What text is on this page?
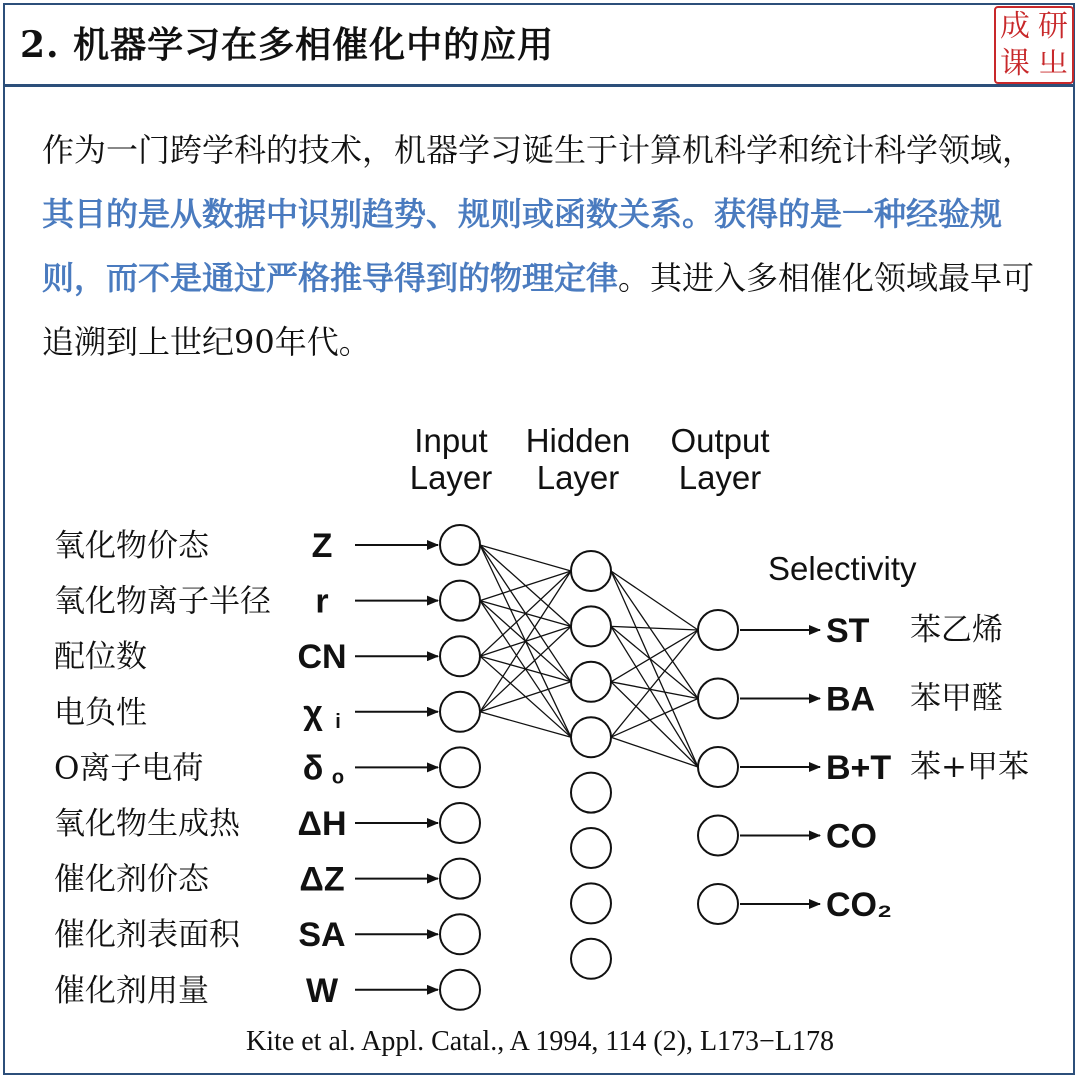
2. 机器学习在多相催化中的应用	成 研
课 㞢
作为一门跨学科的技术，机器学习诞生于计算机科学和统计科学领域，其目的是从数据中识别趋势、规则或函数关系。获得的是一种经验规则，而不是通过严格推导得到的物理定律。其进入多相催化领域最早可追溯到上世纪90年代。
Input
Layer
Hidden
Layer
Output
Layer
Selectivity
氧化物价态	Z
氧化物离子半径 r
配位数	CN
电负性	χ i
O离子电荷	δ o
氧化物生成热 ΔH
催化剂价态	ΔZ
催化剂表面积 SA
催化剂用量	W
ST 苯乙烯
BA 苯甲醛
B+T 苯+甲苯
CO
CO₂
Kite et al. Appl. Catal., A 1994, 114 (2), L173−L178
